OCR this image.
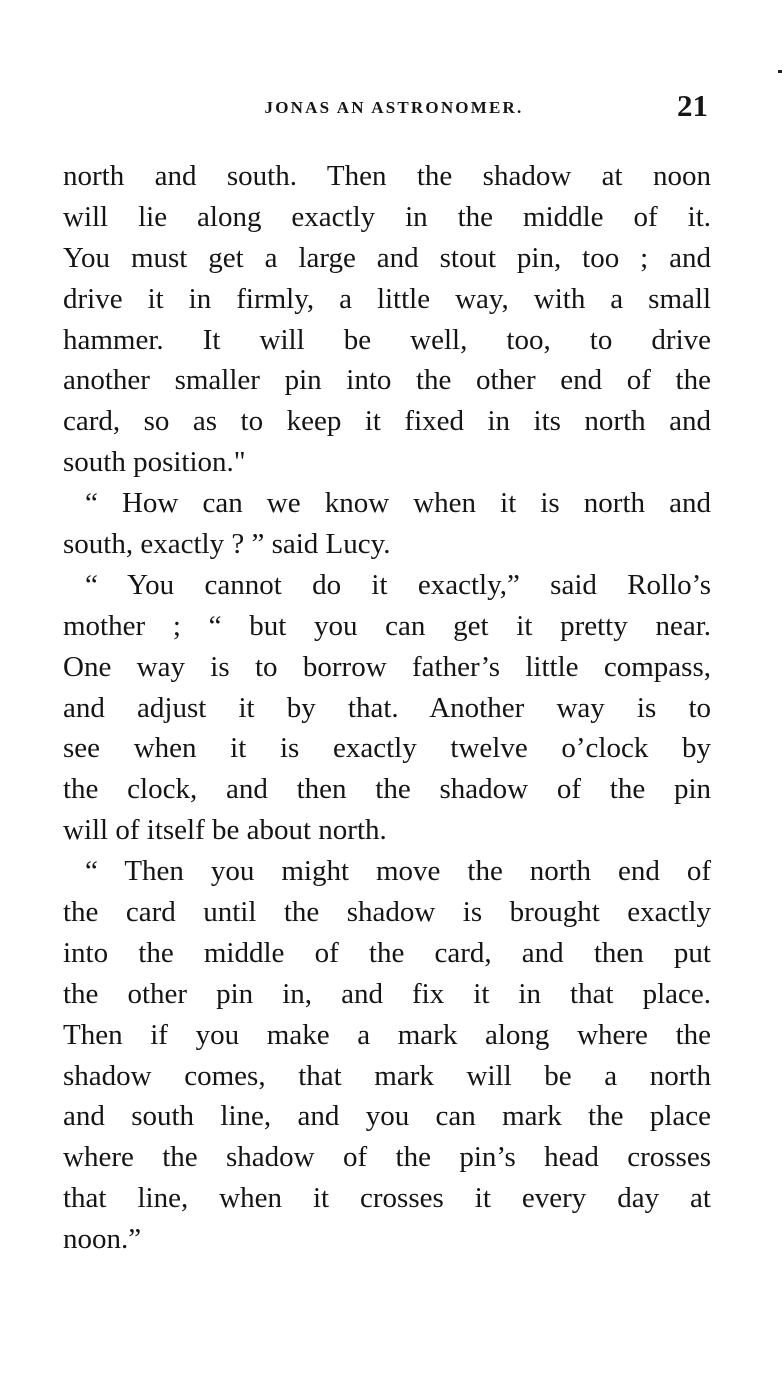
JONAS AN ASTRONOMER.	21
north and south. Then the shadow at noon
will lie along exactly in the middle of it.
You must get a large and stout pin, too ; and
drive it in firmly, a little way, with a small
hammer. It will be well, too, to drive
another smaller pin into the other end of the
card, so as to keep it fixed in its north and
south position."
“ How can we know when it is north and
south, exactly ? ” said Lucy.
“ You cannot do it exactly,” said Rollo’s
mother ; “ but you can get it pretty near.
One way is to borrow father’s little compass,
and adjust it by that. Another way is to
see when it is exactly twelve o’clock by
the clock, and then the shadow of the pin
will of itself be about north.
“ Then you might move the north end of
the card until the shadow is brought exactly
into the middle of the card, and then put
the other pin in, and fix it in that place.
Then if you make a mark along where the
shadow comes, that mark will be a north
and south line, and you can mark the place
where the shadow of the pin’s head crosses
that line, when it crosses it every day at
noon.”
